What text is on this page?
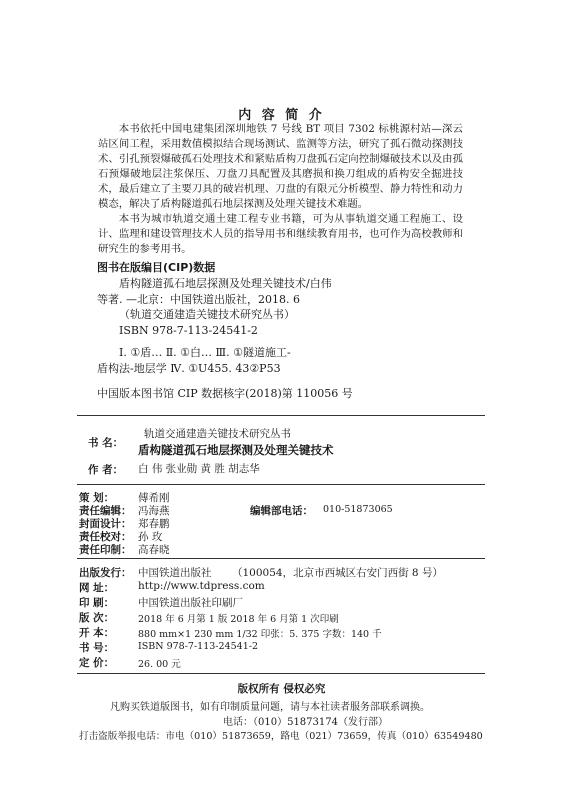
内 容 简 介

本书依托中国电建集团深圳地铁 7 号线 BT 项目 7302 标桃源村站—深云站区间工程，采用数值模拟结合现场测试、监测等方法，研究了孤石微动探测技术、引孔预裂爆破孤石处理技术和紧贴盾构刀盘孤石定向控制爆破技术以及由孤石预爆破地层注浆保压、刀盘刀具配置及其磨损和换刀组成的盾构安全掘进技术，最后建立了主要刀具的破岩机理、刀盘的有限元分析模型、静力特性和动力模态，解决了盾构隧道孤石地层探测及处理关键技术难题。

本书为城市轨道交通土建工程专业书籍，可为从事轨道交通工程施工、设计、监理和建设管理技术人员的指导用书和继续教育用书，也可作为高校教师和研究生的参考用书。

图书在版编目(CIP)数据
盾构隧道孤石地层探测及处理关键技术/白伟
等著. —北京：中国铁道出版社，2018. 6
（轨道交通建造关键技术研究丛书）
ISBN 978-7-113-24541-2
Ⅰ. ①盾… Ⅱ. ①白… Ⅲ. ①隧道施工-
盾构法-地层学 Ⅳ. ①U455. 43②P53
中国版本图书馆 CIP 数据核字(2018)第 110056 号
书 名：
轨道交通建造关键技术研究丛书
盾构隧道孤石地层探测及处理关键技术
作 者： 白 伟 张业勋 黄 胜 胡志华
策 划： 傅希刚
责任编辑： 冯海燕	编辑部电话： 010-51873065
封面设计： 郑春鹏
责任校对： 孙 玫
责任印制： 高春晓
出版发行： 中国铁道出版社 （100054，北京市西城区右安门西街 8 号）
网 址： http://www.tdpress.com
印 刷： 中国铁道出版社印刷厂
版 次：	2018 年 6 月第 1 版 2018 年 6 月第 1 次印刷
开 本：	880 mm×1 230 mm 1/32 印张：5. 375 字数：140 千
书 号：	ISBN 978-7-113-24541-2
定 价：	26. 00 元
版权所有 侵权必究
凡购买铁道版图书，如有印制质量问题，请与本社读者服务部联系调换。
电话：（010）51873174（发行部）
打击盗版举报电话：市电（010）51873659，路电（021）73659，传真（010）63549480
